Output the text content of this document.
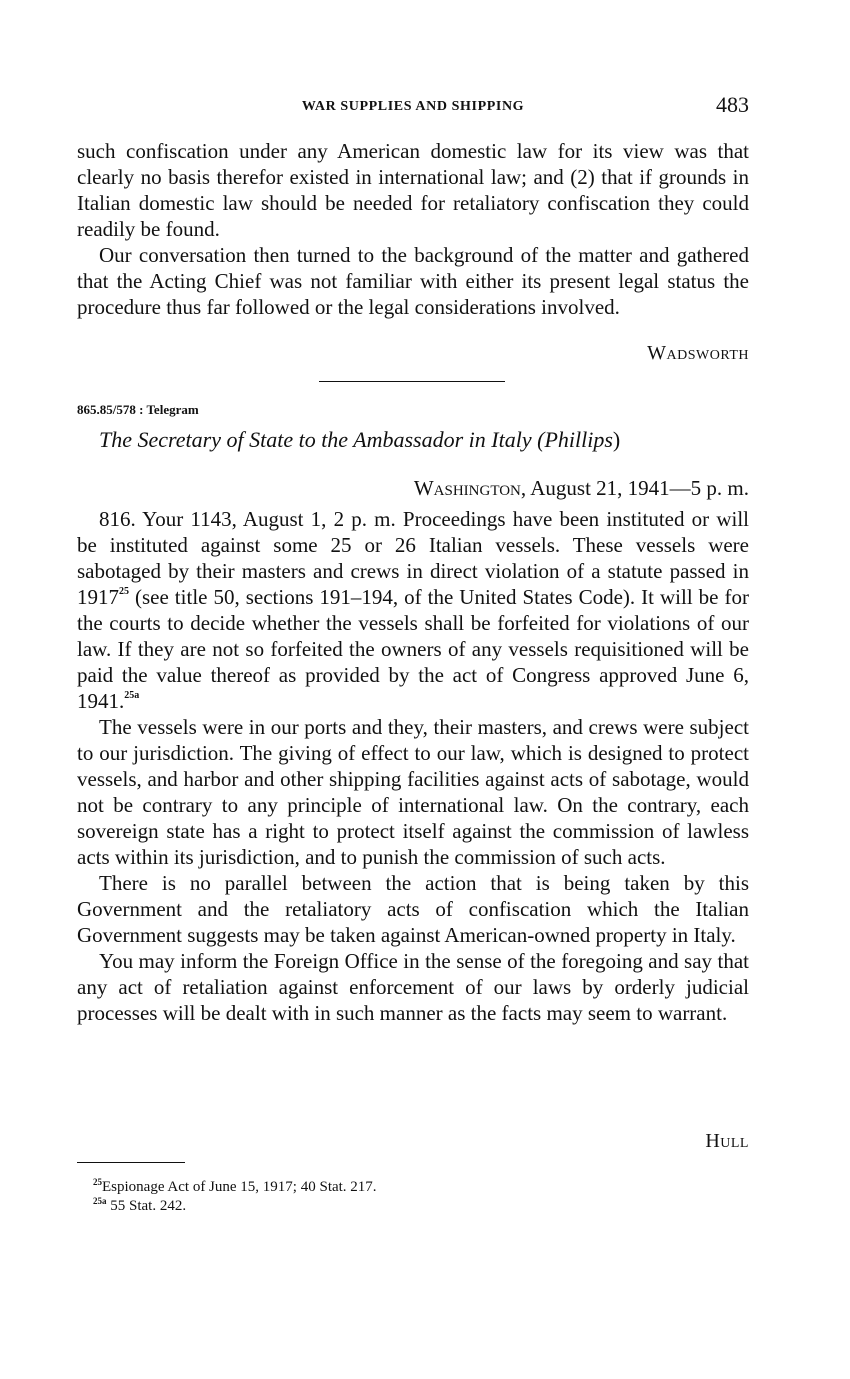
WAR SUPPLIES AND SHIPPING	483

such confiscation under any American domestic law for its view was that clearly no basis therefor existed in international law; and (2) that if grounds in Italian domestic law should be needed for retaliatory confiscation they could readily be found.

Our conversation then turned to the background of the matter and gathered that the Acting Chief was not familiar with either its present legal status the procedure thus far followed or the legal considerations involved.

Wadsworth
865.85/578 : Telegram
The Secretary of State to the Ambassador in Italy (Phillips)
Washington, August 21, 1941—5 p. m.

816. Your 1143, August 1, 2 p. m. Proceedings have been instituted or will be instituted against some 25 or 26 Italian vessels. These vessels were sabotaged by their masters and crews in direct violation of a statute passed in 1917$^{25}$ (see title 50, sections 191–194, of the United States Code). It will be for the courts to decide whether the vessels shall be forfeited for violations of our law. If they are not so forfeited the owners of any vessels requisitioned will be paid the value thereof as provided by the act of Congress approved June 6, 1941.$^{25a}$

The vessels were in our ports and they, their masters, and crews were subject to our jurisdiction. The giving of effect to our law, which is designed to protect vessels, and harbor and other shipping facilities against acts of sabotage, would not be contrary to any principle of international law. On the contrary, each sovereign state has a right to protect itself against the commission of lawless acts within its jurisdiction, and to punish the commission of such acts.

There is no parallel between the action that is being taken by this Government and the retaliatory acts of confiscation which the Italian Government suggests may be taken against American-owned property in Italy.

You may inform the Foreign Office in the sense of the foregoing and say that any act of retaliation against enforcement of our laws by orderly judicial processes will be dealt with in such manner as the facts may seem to warrant.

Hull
$^{25}$Espionage Act of June 15, 1917; 40 Stat. 217.
$^{25a}$ 55 Stat. 242.
